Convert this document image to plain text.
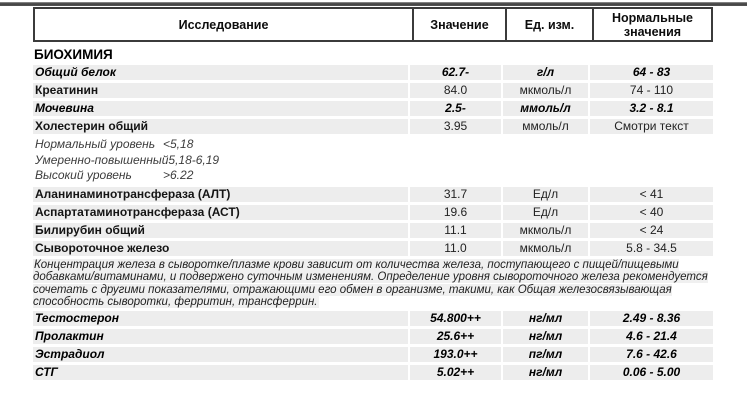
Исследование	Значение	Ед. изм.	Нормальные значения
БИОХИМИЯ
Общий белок	62.7-	г/л	64 - 83
Креатинин	84.0	мкмоль/л	74 - 110
Мочевина	2.5-	ммоль/л	3.2 - 8.1
Холестерин общий	3.95	ммоль/л	Смотри текст
Нормальный уровень <5,18
Умеренно-повышенный5,18-6,19
Высокий уровень	>6.22
Аланинаминотрансфераза (АЛТ)	31.7	Ед/л	< 41
Аспартатаминотрансфераза (АСТ)	19.6	Ед/л	< 40
Билирубин общий	11.1	мкмоль/л	< 24
Сывороточное железо	11.0	мкмоль/л	5.8 - 34.5
Концентрация железа в сыворотке/плазме крови зависит от количества железа, поступающего с пищей/пищевыми добавками/витаминами, и подвержено суточным изменениям. Определение уровня сывороточного железа рекомендуется сочетать с другими показателями, отражающими его обмен в организме, такими, как Общая железосвязывающая способность сыворотки, ферритин, трансферрин.
Тестостерон	54.800++	нг/мл	2.49 - 8.36
Пролактин	25.6++	нг/мл	4.6 - 21.4
Эстрадиол	193.0++	пг/мл	7.6 - 42.6
СТГ	5.02++	нг/мл	0.06 - 5.00
